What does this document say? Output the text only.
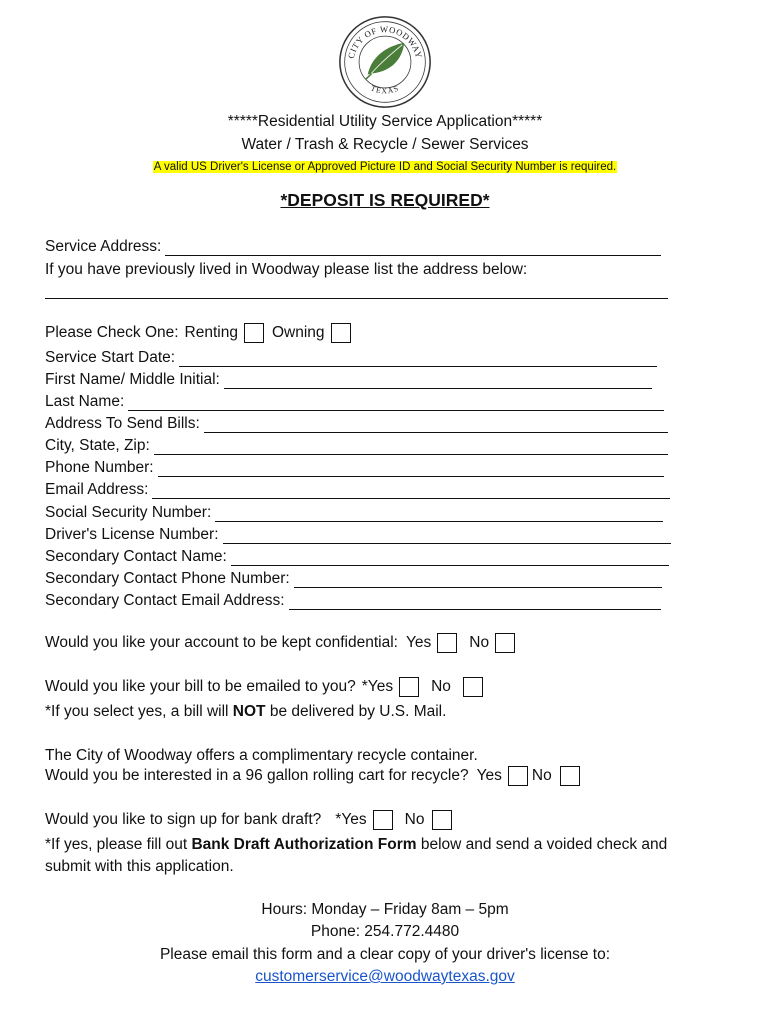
CITY OF WOODWAY
TEXAS
*****Residential Utility Service Application*****
Water / Trash & Recycle / Sewer Services
A valid US Driver's License or Approved Picture ID and Social Security Number is required.
*DEPOSIT IS REQUIRED*
Service Address:
If you have previously lived in Woodway please list the address below:
Please Check One: Renting Owning
Service Start Date:
First Name/ Middle Initial:
Last Name:
Address To Send Bills:
City, State, Zip:
Phone Number:
Email Address:
Social Security Number:
Driver's License Number:
Secondary Contact Name:
Secondary Contact Phone Number:
Secondary Contact Email Address:
Would you like your account to be kept confidential: Yes No
Would you like your bill to be emailed to you? *Yes No
*If you select yes, a bill will NOT be delivered by U.S. Mail.
The City of Woodway offers a complimentary recycle container.
Would you be interested in a 96 gallon rolling cart for recycle? Yes No
Would you like to sign up for bank draft? *Yes No
*If yes, please fill out Bank Draft Authorization Form below and send a voided check and
submit with this application.
Hours: Monday – Friday 8am – 5pm
Phone: 254.772.4480
Please email this form and a clear copy of your driver's license to:
customerservice@woodwaytexas.gov
